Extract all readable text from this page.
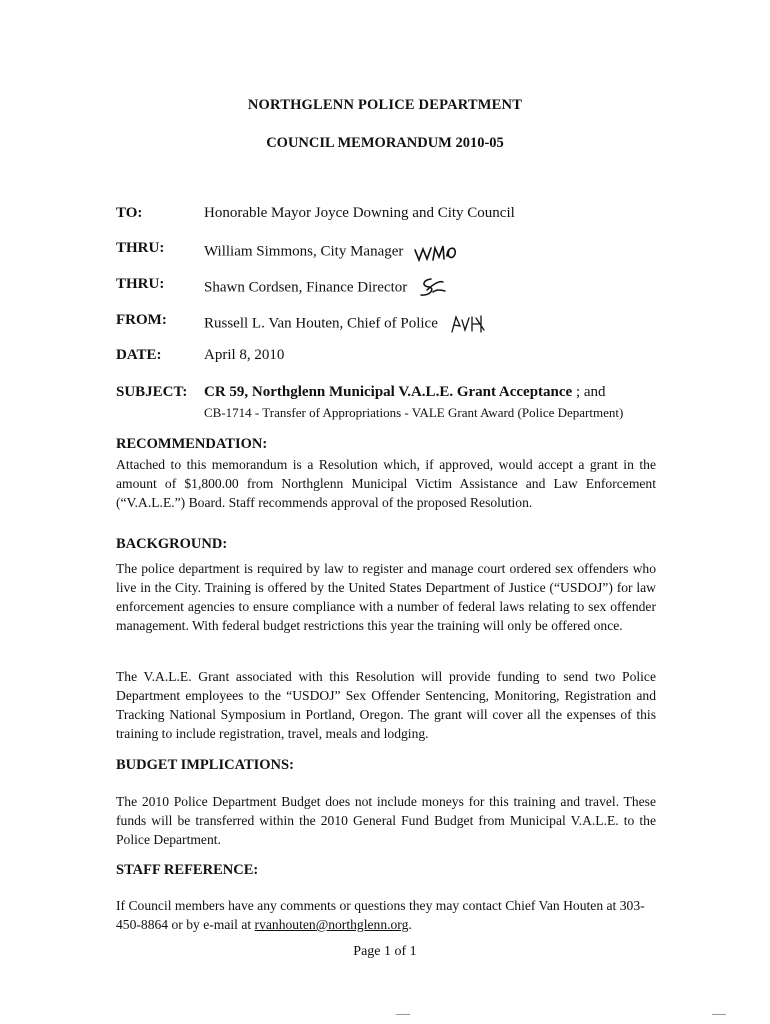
NORTHGLENN POLICE DEPARTMENT
COUNCIL MEMORANDUM 2010-05
TO:	Honorable Mayor Joyce Downing and City Council
THRU:	William Simmons, City Manager
THRU:	Shawn Cordsen, Finance Director
FROM: Russell L. Van Houten, Chief of Police
DATE:	April 8, 2010
SUBJECT: CR 59, Northglenn Municipal V.A.L.E. Grant Acceptance ; and
CB-1714 - Transfer of Appropriations - VALE Grant Award (Police Department)
RECOMMENDATION:
Attached to this memorandum is a Resolution which, if approved, would accept a grant in the amount of $1,800.00 from Northglenn Municipal Victim Assistance and Law Enforcement (“V.A.L.E.”) Board. Staff recommends approval of the proposed Resolution.
BACKGROUND:
The police department is required by law to register and manage court ordered sex offenders who live in the City. Training is offered by the United States Department of Justice (“USDOJ”) for law enforcement agencies to ensure compliance with a number of federal laws relating to sex offender management. With federal budget restrictions this year the training will only be offered once.
The V.A.L.E. Grant associated with this Resolution will provide funding to send two Police Department employees to the “USDOJ” Sex Offender Sentencing, Monitoring, Registration and Tracking National Symposium in Portland, Oregon. The grant will cover all the expenses of this training to include registration, travel, meals and lodging.
BUDGET IMPLICATIONS:
The 2010 Police Department Budget does not include moneys for this training and travel. These funds will be transferred within the 2010 General Fund Budget from Municipal V.A.L.E. to the Police Department.
STAFF REFERENCE:
If Council members have any comments or questions they may contact Chief Van Houten at 303-450-8864 or by e-mail at rvanhouten@northglenn.org.
Page 1 of 1
